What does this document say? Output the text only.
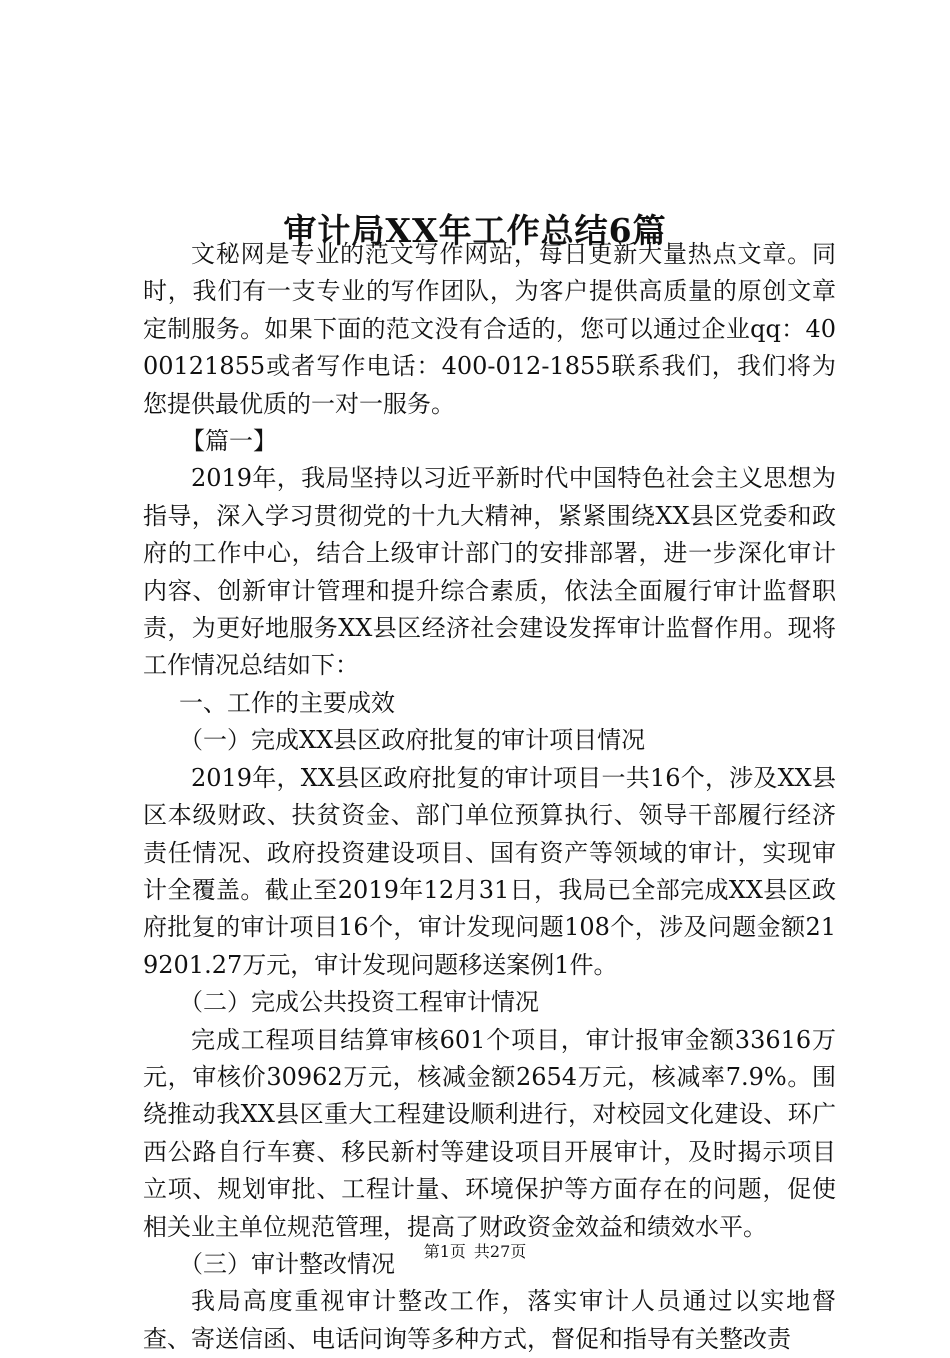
审计局XX年工作总结6篇

文秘网是专业的范文写作网站，每日更新大量热点文章。同时，我们有一支专业的写作团队，为客户提供高质量的原创文章定制服务。如果下面的范文没有合适的，您可以通过企业qq：4000121855或者写作电话：400-012-1855联系我们，我们将为您提供最优质的一对一服务。

【篇一】

2019年，我局坚持以习近平新时代中国特色社会主义思想为指导，深入学习贯彻党的十九大精神，紧紧围绕XX县区党委和政府的工作中心，结合上级审计部门的安排部署，进一步深化审计内容、创新审计管理和提升综合素质，依法全面履行审计监督职责，为更好地服务XX县区经济社会建设发挥审计监督作用。现将工作情况总结如下：

一、工作的主要成效

（一）完成XX县区政府批复的审计项目情况

2019年，XX县区政府批复的审计项目一共16个，涉及XX县区本级财政、扶贫资金、部门单位预算执行、领导干部履行经济责任情况、政府投资建设项目、国有资产等领域的审计，实现审计全覆盖。截止至2019年12月31日，我局已全部完成XX县区政府批复的审计项目16个，审计发现问题108个，涉及问题金额219201.27万元，审计发现问题移送案例1件。

（二）完成公共投资工程审计情况

完成工程项目结算审核601个项目，审计报审金额33616万元，审核价30962万元，核减金额2654万元，核减率7.9%。围绕推动我XX县区重大工程建设顺利进行，对校园文化建设、环广西公路自行车赛、移民新村等建设项目开展审计，及时揭示项目立项、规划审批、工程计量、环境保护等方面存在的问题，促使相关业主单位规范管理，提高了财政资金效益和绩效水平。

（三）审计整改情况

我局高度重视审计整改工作，落实审计人员通过以实地督查、寄送信函、电话问询等多种方式，督促和指导有关整改责

第1页 共27页
